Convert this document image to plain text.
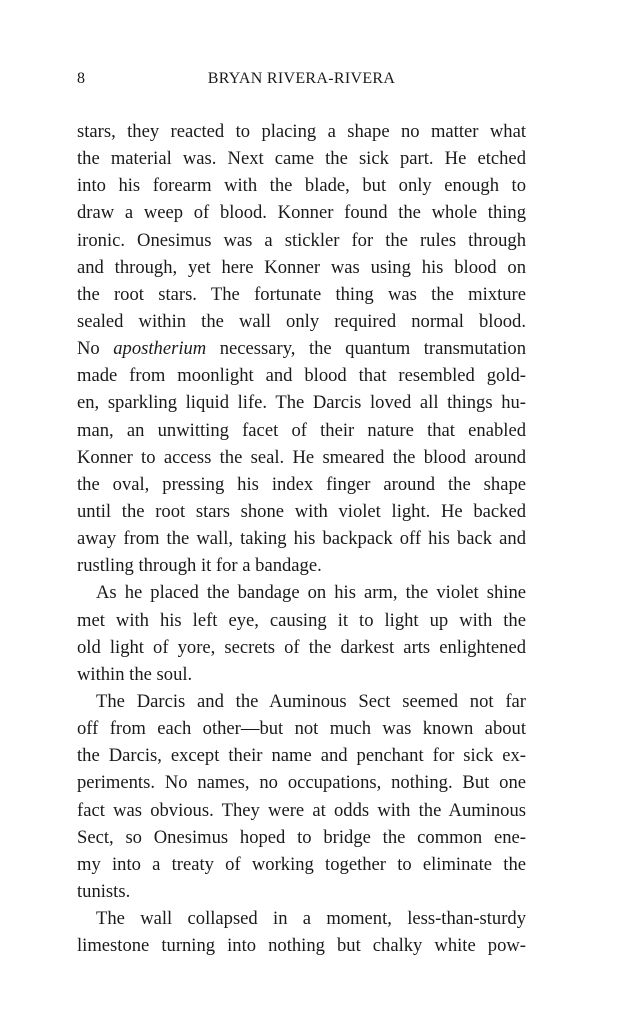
8	BRYAN RIVERA-RIVERA
stars, they reacted to placing a shape no matter what
the material was. Next came the sick part. He etched
into his forearm with the blade, but only enough to
draw a weep of blood. Konner found the whole thing
ironic. Onesimus was a stickler for the rules through
and through, yet here Konner was using his blood on
the root stars. The fortunate thing was the mixture
sealed within the wall only required normal blood.
No apostherium necessary, the quantum transmutation
made from moonlight and blood that resembled gold-
en, sparkling liquid life. The Darcis loved all things hu-
man, an unwitting facet of their nature that enabled
Konner to access the seal. He smeared the blood around
the oval, pressing his index finger around the shape
until the root stars shone with violet light. He backed
away from the wall, taking his backpack off his back and
rustling through it for a bandage.
As he placed the bandage on his arm, the violet shine
met with his left eye, causing it to light up with the
old light of yore, secrets of the darkest arts enlightened
within the soul.
The Darcis and the Auminous Sect seemed not far
off from each other—but not much was known about
the Darcis, except their name and penchant for sick ex-
periments. No names, no occupations, nothing. But one
fact was obvious. They were at odds with the Auminous
Sect, so Onesimus hoped to bridge the common ene-
my into a treaty of working together to eliminate the
tunists.
The wall collapsed in a moment, less-than-sturdy
limestone turning into nothing but chalky white pow-
